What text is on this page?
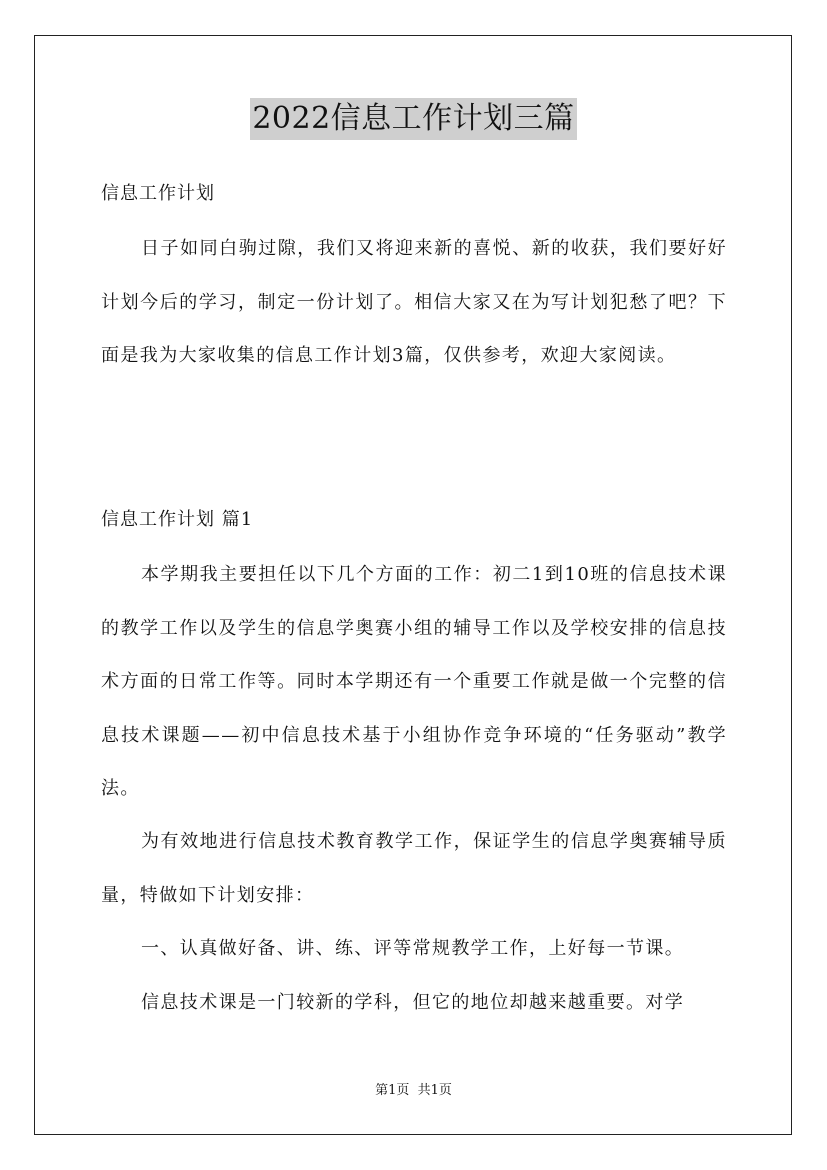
2022信息工作计划三篇
信息工作计划

日子如同白驹过隙，我们又将迎来新的喜悦、新的收获，我们要好好计划今后的学习，制定一份计划了。相信大家又在为写计划犯愁了吧？下面是我为大家收集的信息工作计划3篇，仅供参考，欢迎大家阅读。

信息工作计划 篇1

本学期我主要担任以下几个方面的工作：初二1到10班的信息技术课的教学工作以及学生的信息学奥赛小组的辅导工作以及学校安排的信息技术方面的日常工作等。同时本学期还有一个重要工作就是做一个完整的信息技术课题——初中信息技术基于小组协作竞争环境的“任务驱动”教学法。

为有效地进行信息技术教育教学工作，保证学生的信息学奥赛辅导质量，特做如下计划安排：

一、认真做好备、讲、练、评等常规教学工作，上好每一节课。

信息技术课是一门较新的学科，但它的地位却越来越重要。对学

第1页  共1页
